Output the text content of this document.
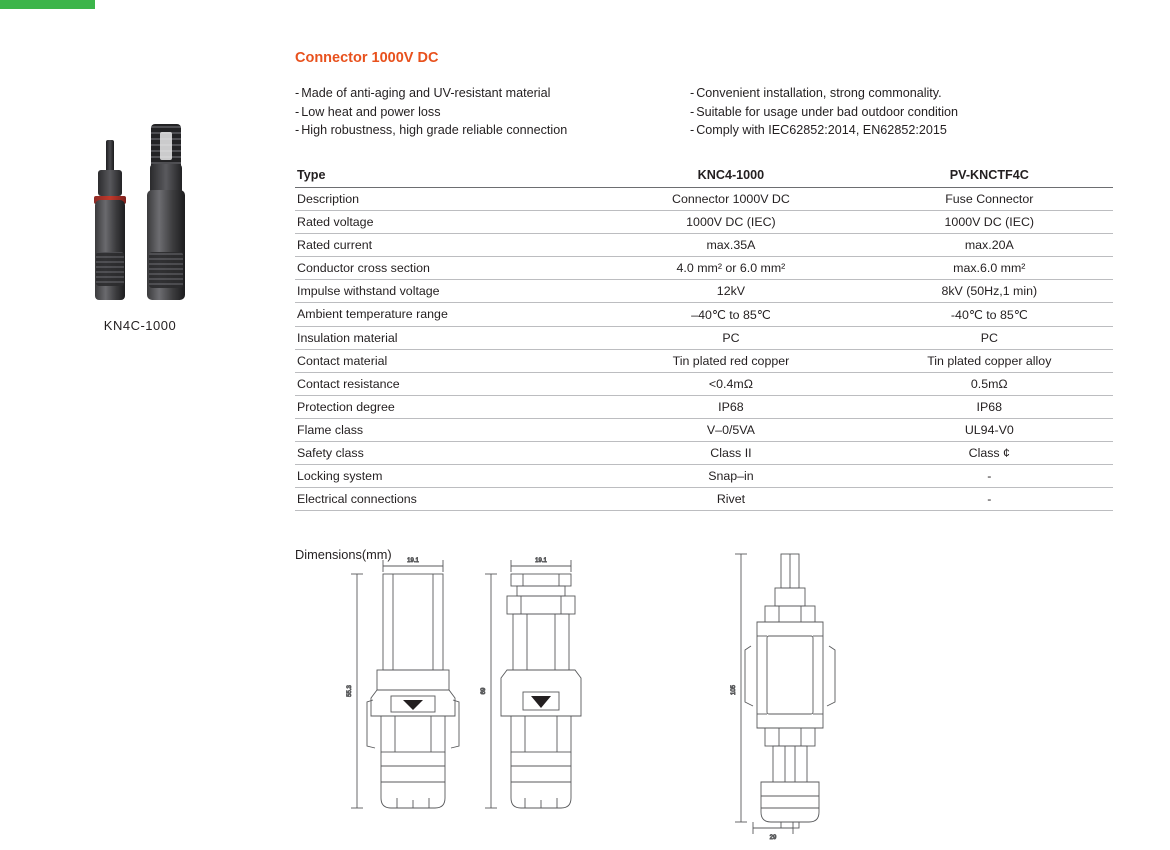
KN4C-1000
Connector 1000V DC
- Made of anti-aging and UV-resistant material
- Low heat and power loss
- High robustness, high grade reliable connection
- Convenient installation, strong commonality.
- Suitable for usage under bad outdoor condition
- Comply with IEC62852:2014, EN62852:2015
Type	KNC4-1000	PV-KNCTF4C
Description	Connector 1000V DC	Fuse Connector
Rated voltage	1000V DC (IEC)	1000V DC (IEC)
Rated current	max.35A	max.20A
Conductor cross section	4.0 mm² or 6.0 mm²	max.6.0 mm²
Impulse withstand voltage	12kV	8kV (50Hz,1 min)
Ambient temperature range	–40℃ to 85℃	-40℃ to 85℃
Insulation material	PC	PC
Contact material	Tin plated red copper	Tin plated copper alloy
Contact resistance	<0.4mΩ	0.5mΩ
Protection degree	IP68	IP68
Flame class	V–0/5VA	UL94-V0
Safety class	Class II	Class ¢
Locking system	Snap–in	-
Electrical connections	Rivet	-
Dimensions(mm)	19.1
55.3
19.1
69	105
29
